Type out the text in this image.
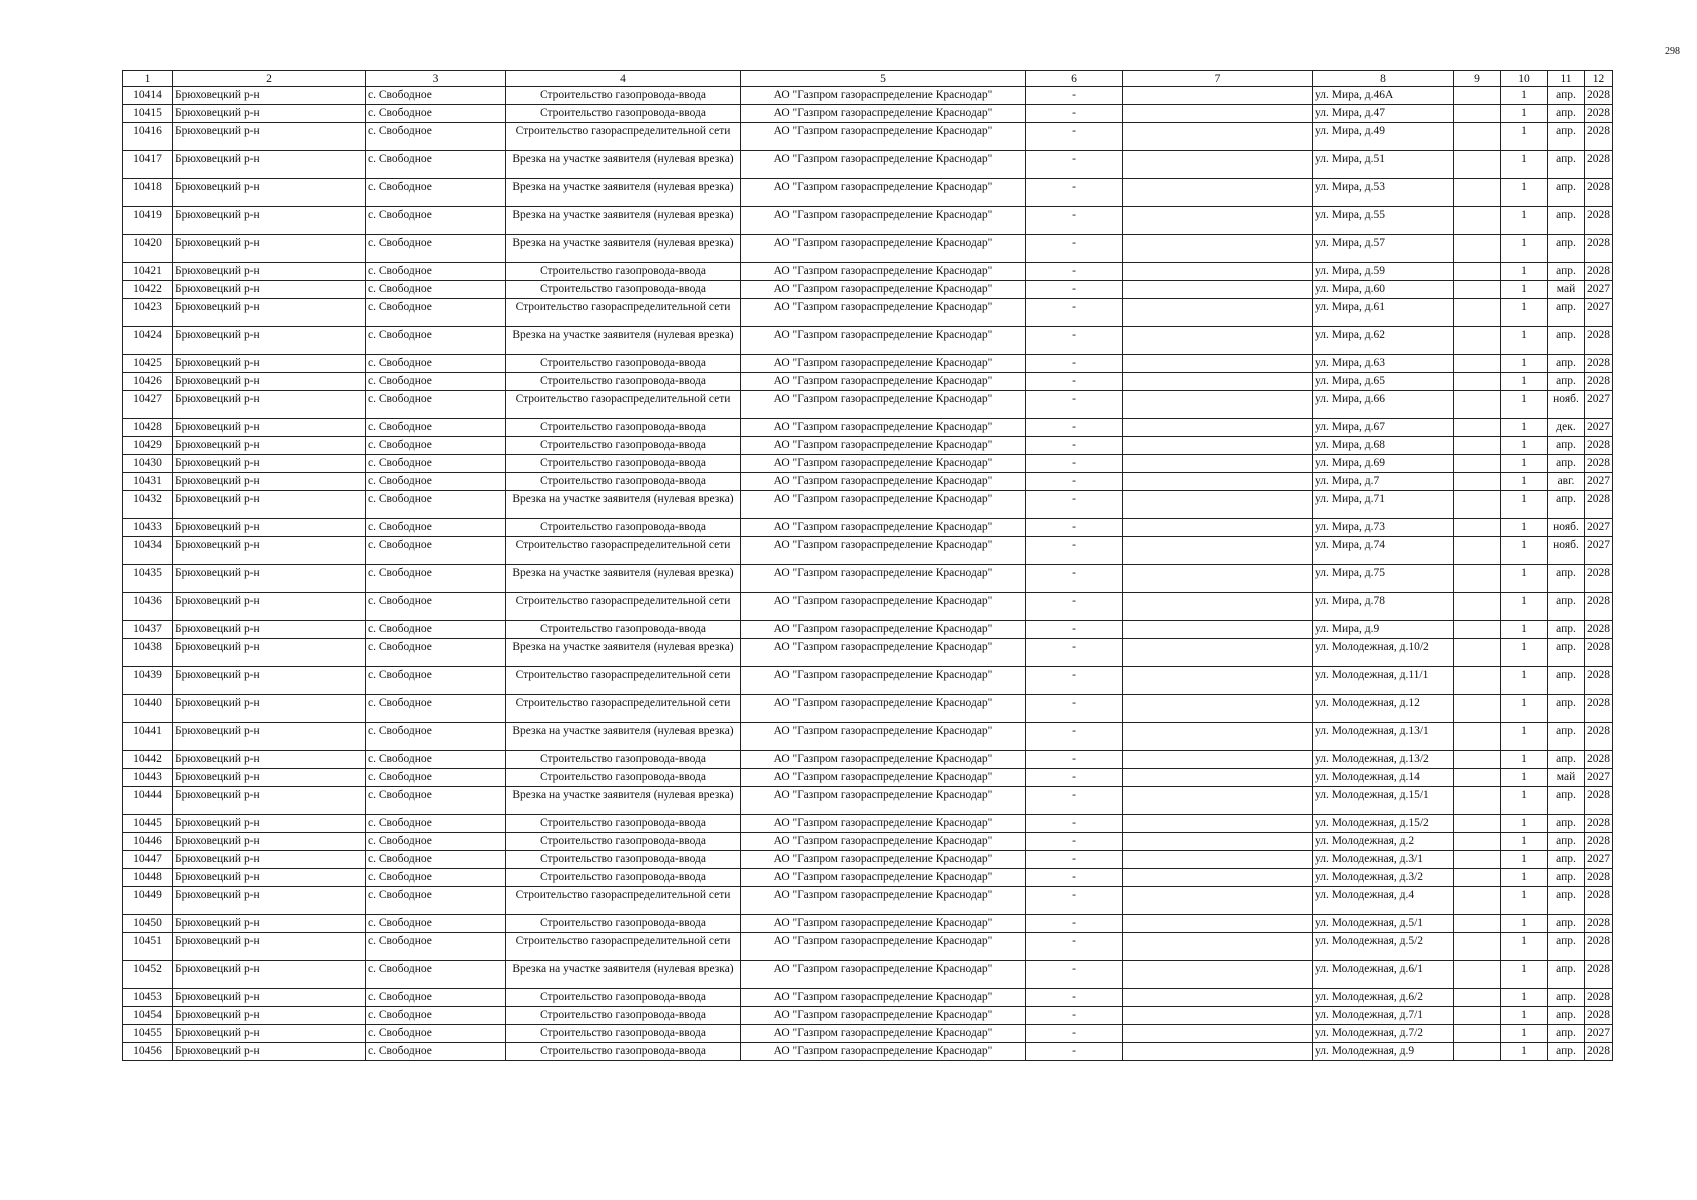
298
1	2	3	4	5	6	7	8	9	10	11	12
10414	Брюховецкий р-н	с. Свободное	Строительство газопровода-ввода	АО "Газпром газораспределение Краснодар"	-		ул. Мира, д.46А		1	апр.	2028
10415	Брюховецкий р-н	с. Свободное	Строительство газопровода-ввода	АО "Газпром газораспределение Краснодар"	-		ул. Мира, д.47		1	апр.	2028
10416	Брюховецкий р-н	с. Свободное	Строительство газораспределительной сети	АО "Газпром газораспределение Краснодар"	-		ул. Мира, д.49		1	апр.	2028
10417	Брюховецкий р-н	с. Свободное	Врезка на участке заявителя (нулевая врезка)	АО "Газпром газораспределение Краснодар"	-		ул. Мира, д.51		1	апр.	2028
10418	Брюховецкий р-н	с. Свободное	Врезка на участке заявителя (нулевая врезка)	АО "Газпром газораспределение Краснодар"	-		ул. Мира, д.53		1	апр.	2028
10419	Брюховецкий р-н	с. Свободное	Врезка на участке заявителя (нулевая врезка)	АО "Газпром газораспределение Краснодар"	-		ул. Мира, д.55		1	апр.	2028
10420	Брюховецкий р-н	с. Свободное	Врезка на участке заявителя (нулевая врезка)	АО "Газпром газораспределение Краснодар"	-		ул. Мира, д.57		1	апр.	2028
10421	Брюховецкий р-н	с. Свободное	Строительство газопровода-ввода	АО "Газпром газораспределение Краснодар"	-		ул. Мира, д.59		1	апр.	2028
10422	Брюховецкий р-н	с. Свободное	Строительство газопровода-ввода	АО "Газпром газораспределение Краснодар"	-		ул. Мира, д.60		1	май	2027
10423	Брюховецкий р-н	с. Свободное	Строительство газораспределительной сети	АО "Газпром газораспределение Краснодар"	-		ул. Мира, д.61		1	апр.	2027
10424	Брюховецкий р-н	с. Свободное	Врезка на участке заявителя (нулевая врезка)	АО "Газпром газораспределение Краснодар"	-		ул. Мира, д.62		1	апр.	2028
10425	Брюховецкий р-н	с. Свободное	Строительство газопровода-ввода	АО "Газпром газораспределение Краснодар"	-		ул. Мира, д.63		1	апр.	2028
10426	Брюховецкий р-н	с. Свободное	Строительство газопровода-ввода	АО "Газпром газораспределение Краснодар"	-		ул. Мира, д.65		1	апр.	2028
10427	Брюховецкий р-н	с. Свободное	Строительство газораспределительной сети	АО "Газпром газораспределение Краснодар"	-		ул. Мира, д.66		1	нояб.	2027
10428	Брюховецкий р-н	с. Свободное	Строительство газопровода-ввода	АО "Газпром газораспределение Краснодар"	-		ул. Мира, д.67		1	дек.	2027
10429	Брюховецкий р-н	с. Свободное	Строительство газопровода-ввода	АО "Газпром газораспределение Краснодар"	-		ул. Мира, д.68		1	апр.	2028
10430	Брюховецкий р-н	с. Свободное	Строительство газопровода-ввода	АО "Газпром газораспределение Краснодар"	-		ул. Мира, д.69		1	апр.	2028
10431	Брюховецкий р-н	с. Свободное	Строительство газопровода-ввода	АО "Газпром газораспределение Краснодар"	-		ул. Мира, д.7		1	авг.	2027
10432	Брюховецкий р-н	с. Свободное	Врезка на участке заявителя (нулевая врезка)	АО "Газпром газораспределение Краснодар"	-		ул. Мира, д.71		1	апр.	2028
10433	Брюховецкий р-н	с. Свободное	Строительство газопровода-ввода	АО "Газпром газораспределение Краснодар"	-		ул. Мира, д.73		1	нояб.	2027
10434	Брюховецкий р-н	с. Свободное	Строительство газораспределительной сети	АО "Газпром газораспределение Краснодар"	-		ул. Мира, д.74		1	нояб.	2027
10435	Брюховецкий р-н	с. Свободное	Врезка на участке заявителя (нулевая врезка)	АО "Газпром газораспределение Краснодар"	-		ул. Мира, д.75		1	апр.	2028
10436	Брюховецкий р-н	с. Свободное	Строительство газораспределительной сети	АО "Газпром газораспределение Краснодар"	-		ул. Мира, д.78		1	апр.	2028
10437	Брюховецкий р-н	с. Свободное	Строительство газопровода-ввода	АО "Газпром газораспределение Краснодар"	-		ул. Мира, д.9		1	апр.	2028
10438	Брюховецкий р-н	с. Свободное	Врезка на участке заявителя (нулевая врезка)	АО "Газпром газораспределение Краснодар"	-		ул. Молодежная, д.10/2		1	апр.	2028
10439	Брюховецкий р-н	с. Свободное	Строительство газораспределительной сети	АО "Газпром газораспределение Краснодар"	-		ул. Молодежная, д.11/1		1	апр.	2028
10440	Брюховецкий р-н	с. Свободное	Строительство газораспределительной сети	АО "Газпром газораспределение Краснодар"	-		ул. Молодежная, д.12		1	апр.	2028
10441	Брюховецкий р-н	с. Свободное	Врезка на участке заявителя (нулевая врезка)	АО "Газпром газораспределение Краснодар"	-		ул. Молодежная, д.13/1		1	апр.	2028
10442	Брюховецкий р-н	с. Свободное	Строительство газопровода-ввода	АО "Газпром газораспределение Краснодар"	-		ул. Молодежная, д.13/2		1	апр.	2028
10443	Брюховецкий р-н	с. Свободное	Строительство газопровода-ввода	АО "Газпром газораспределение Краснодар"	-		ул. Молодежная, д.14		1	май	2027
10444	Брюховецкий р-н	с. Свободное	Врезка на участке заявителя (нулевая врезка)	АО "Газпром газораспределение Краснодар"	-		ул. Молодежная, д.15/1		1	апр.	2028
10445	Брюховецкий р-н	с. Свободное	Строительство газопровода-ввода	АО "Газпром газораспределение Краснодар"	-		ул. Молодежная, д.15/2		1	апр.	2028
10446	Брюховецкий р-н	с. Свободное	Строительство газопровода-ввода	АО "Газпром газораспределение Краснодар"	-		ул. Молодежная, д.2		1	апр.	2028
10447	Брюховецкий р-н	с. Свободное	Строительство газопровода-ввода	АО "Газпром газораспределение Краснодар"	-		ул. Молодежная, д.3/1		1	апр.	2027
10448	Брюховецкий р-н	с. Свободное	Строительство газопровода-ввода	АО "Газпром газораспределение Краснодар"	-		ул. Молодежная, д.3/2		1	апр.	2028
10449	Брюховецкий р-н	с. Свободное	Строительство газораспределительной сети	АО "Газпром газораспределение Краснодар"	-		ул. Молодежная, д.4		1	апр.	2028
10450	Брюховецкий р-н	с. Свободное	Строительство газопровода-ввода	АО "Газпром газораспределение Краснодар"	-		ул. Молодежная, д.5/1		1	апр.	2028
10451	Брюховецкий р-н	с. Свободное	Строительство газораспределительной сети	АО "Газпром газораспределение Краснодар"	-		ул. Молодежная, д.5/2		1	апр.	2028
10452	Брюховецкий р-н	с. Свободное	Врезка на участке заявителя (нулевая врезка)	АО "Газпром газораспределение Краснодар"	-		ул. Молодежная, д.6/1		1	апр.	2028
10453	Брюховецкий р-н	с. Свободное	Строительство газопровода-ввода	АО "Газпром газораспределение Краснодар"	-		ул. Молодежная, д.6/2		1	апр.	2028
10454	Брюховецкий р-н	с. Свободное	Строительство газопровода-ввода	АО "Газпром газораспределение Краснодар"	-		ул. Молодежная, д.7/1		1	апр.	2028
10455	Брюховецкий р-н	с. Свободное	Строительство газопровода-ввода	АО "Газпром газораспределение Краснодар"	-		ул. Молодежная, д.7/2		1	апр.	2027
10456	Брюховецкий р-н	с. Свободное	Строительство газопровода-ввода	АО "Газпром газораспределение Краснодар"	-		ул. Молодежная, д.9		1	апр.	2028
